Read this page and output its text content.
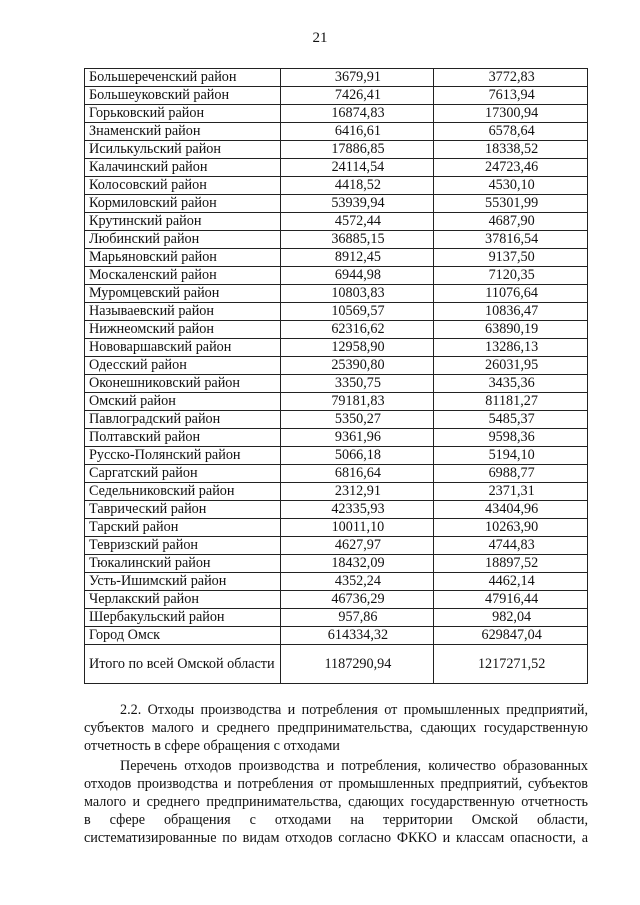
21
Большереченский район	3679,91	3772,83
Большеуковский район	7426,41	7613,94
Горьковский район	16874,83	17300,94
Знаменский район	6416,61	6578,64
Исилькульский район	17886,85	18338,52
Калачинский район	24114,54	24723,46
Колосовский район	4418,52	4530,10
Кормиловский район	53939,94	55301,99
Крутинский район	4572,44	4687,90
Любинский район	36885,15	37816,54
Марьяновский район	8912,45	9137,50
Москаленский район	6944,98	7120,35
Муромцевский район	10803,83	11076,64
Называевский район	10569,57	10836,47
Нижнеомский район	62316,62	63890,19
Нововаршавский район	12958,90	13286,13
Одесский район	25390,80	26031,95
Оконешниковский район	3350,75	3435,36
Омский район	79181,83	81181,27
Павлоградский район	5350,27	5485,37
Полтавский район	9361,96	9598,36
Русско-Полянский район	5066,18	5194,10
Саргатский район	6816,64	6988,77
Седельниковский район	2312,91	2371,31
Таврический район	42335,93	43404,96
Тарский район	10011,10	10263,90
Тевризский район	4627,97	4744,83
Тюкалинский район	18432,09	18897,52
Усть-Ишимский район	4352,24	4462,14
Черлакский район	46736,29	47916,44
Шербакульский район	957,86	982,04
Город Омск	614334,32	629847,04
Итого по всей Омской области	1187290,94	1217271,52

2.2. Отходы производства и потребления от промышленных предприятий, субъектов малого и среднего предпринимательства, сдающих государственную отчетность в сфере обращения с отходами

Перечень отходов производства и потребления, количество образованных
отходов производства и потребления от промышленных предприятий, субъектов
малого и среднего предпринимательства, сдающих государственную отчетность
в сфере обращения с отходами на территории Омской области,
систематизированные по видам отходов согласно ФККО и классам опасности, а
